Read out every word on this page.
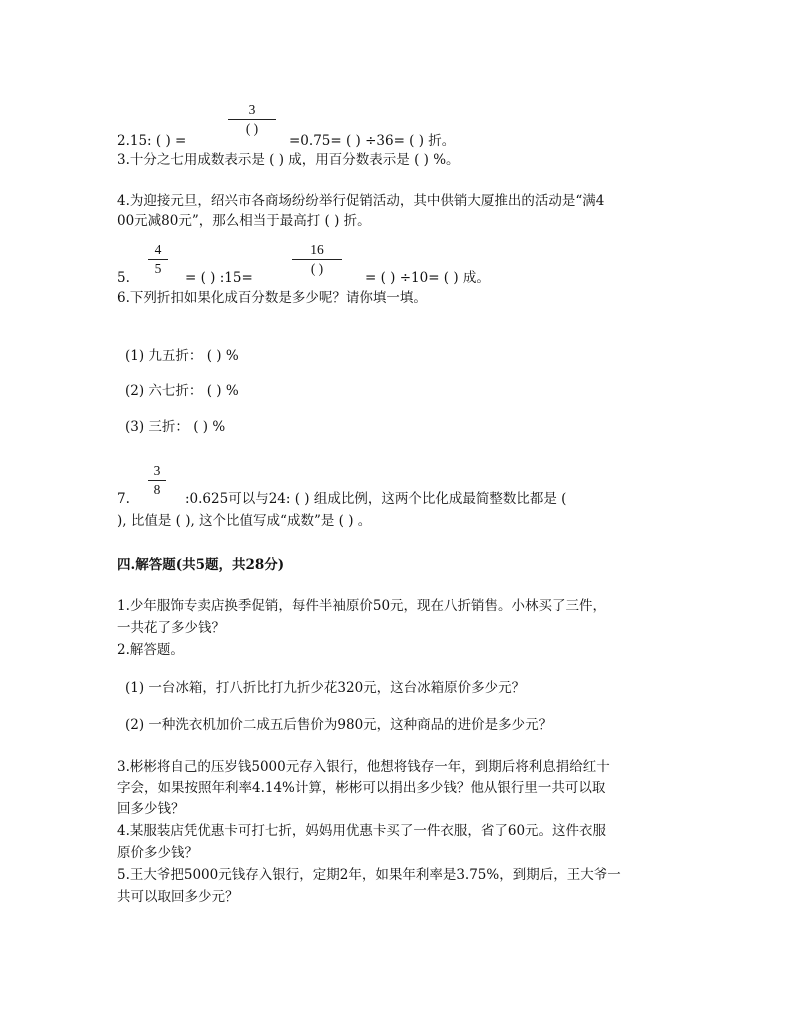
2.15: ( ) =
3
( )
=0.75= ( ) ÷36= ( ) 折。
3.十分之七用成数表示是 ( ) 成，用百分数表示是 ( ) %。
4.为迎接元旦，绍兴市各商场纷纷举行促销活动，其中供销大厦推出的活动是“满4
00元减80元”，那么相当于最高打 ( ) 折。
5.
4
5
= ( ) :15=
16
( )
= ( ) ÷10= ( ) 成。
6.下列折扣如果化成百分数是多少呢？请你填一填。
(1) 九五折： ( ) %
(2) 六七折： ( ) %
(3) 三折： ( ) %
7.
3
8
:0.625可以与24: ( ) 组成比例，这两个比化成最简整数比都是 (
), 比值是 ( ), 这个比值写成“成数”是 ( ) 。
四.解答题(共5题，共28分)
1.少年服饰专卖店换季促销，每件半袖原价50元，现在八折销售。小林买了三件，
一共花了多少钱？
2.解答题。
(1) 一台冰箱，打八折比打九折少花320元，这台冰箱原价多少元？
(2) 一种洗衣机加价二成五后售价为980元，这种商品的进价是多少元？
3.彬彬将自己的压岁钱5000元存入银行，他想将钱存一年，到期后将利息捐给红十
字会，如果按照年利率4.14%计算，彬彬可以捐出多少钱？他从银行里一共可以取
回多少钱？
4.某服装店凭优惠卡可打七折，妈妈用优惠卡买了一件衣服，省了60元。这件衣服
原价多少钱？
5.王大爷把5000元钱存入银行，定期2年，如果年利率是3.75%，到期后，王大爷一
共可以取回多少元？
